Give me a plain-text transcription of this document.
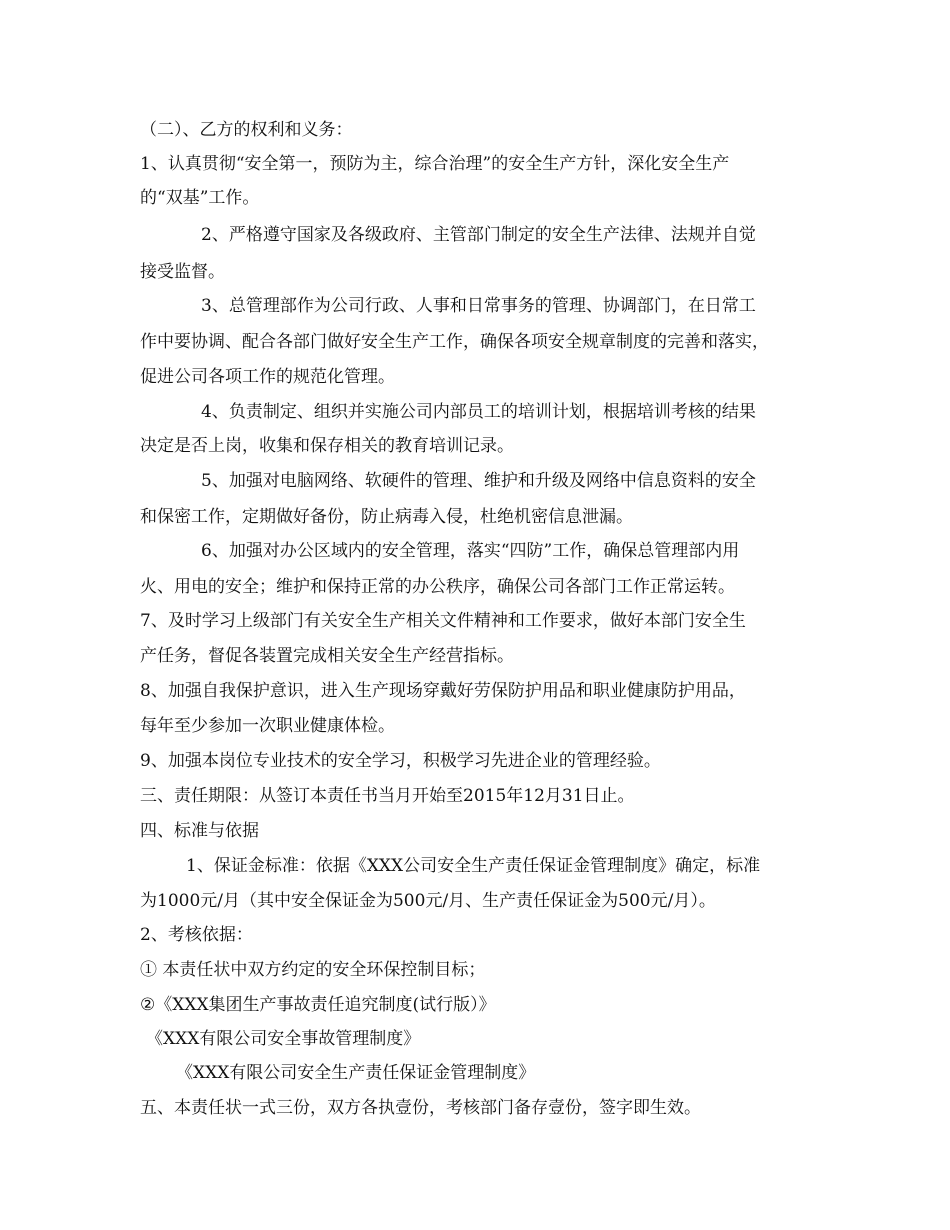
（二）、乙方的权利和义务：
1、认真贯彻“安全第一，预防为主，综合治理”的安全生产方针，深化安全生产
的“双基”工作。
2、严格遵守国家及各级政府、主管部门制定的安全生产法律、法规并自觉
接受监督。
3、总管理部作为公司行政、人事和日常事务的管理、协调部门，在日常工
作中要协调、配合各部门做好安全生产工作，确保各项安全规章制度的完善和落实，
促进公司各项工作的规范化管理。
4、负责制定、组织并实施公司内部员工的培训计划，根据培训考核的结果
决定是否上岗，收集和保存相关的教育培训记录。
5、加强对电脑网络、软硬件的管理、维护和升级及网络中信息资料的安全
和保密工作，定期做好备份，防止病毒入侵，杜绝机密信息泄漏。
6、加强对办公区域内的安全管理，落实“四防”工作，确保总管理部内用
火、用电的安全；维护和保持正常的办公秩序，确保公司各部门工作正常运转。
7、及时学习上级部门有关安全生产相关文件精神和工作要求，做好本部门安全生
产任务，督促各装置完成相关安全生产经营指标。
8、加强自我保护意识，进入生产现场穿戴好劳保防护用品和职业健康防护用品，
每年至少参加一次职业健康体检。
9、加强本岗位专业技术的安全学习，积极学习先进企业的管理经验。
三、责任期限：从签订本责任书当月开始至2015年12月31日止。
四、标准与依据
1、保证金标准：依据《XXX公司安全生产责任保证金管理制度》确定，标准
为1000元/月（其中安全保证金为500元/月、生产责任保证金为500元/月）。
2、考核依据：
① 本责任状中双方约定的安全环保控制目标；
②《XXX集团生产事故责任追究制度(试行版）》
《XXX有限公司安全事故管理制度》
《XXX有限公司安全生产责任保证金管理制度》
五、本责任状一式三份，双方各执壹份，考核部门备存壹份，签字即生效。
